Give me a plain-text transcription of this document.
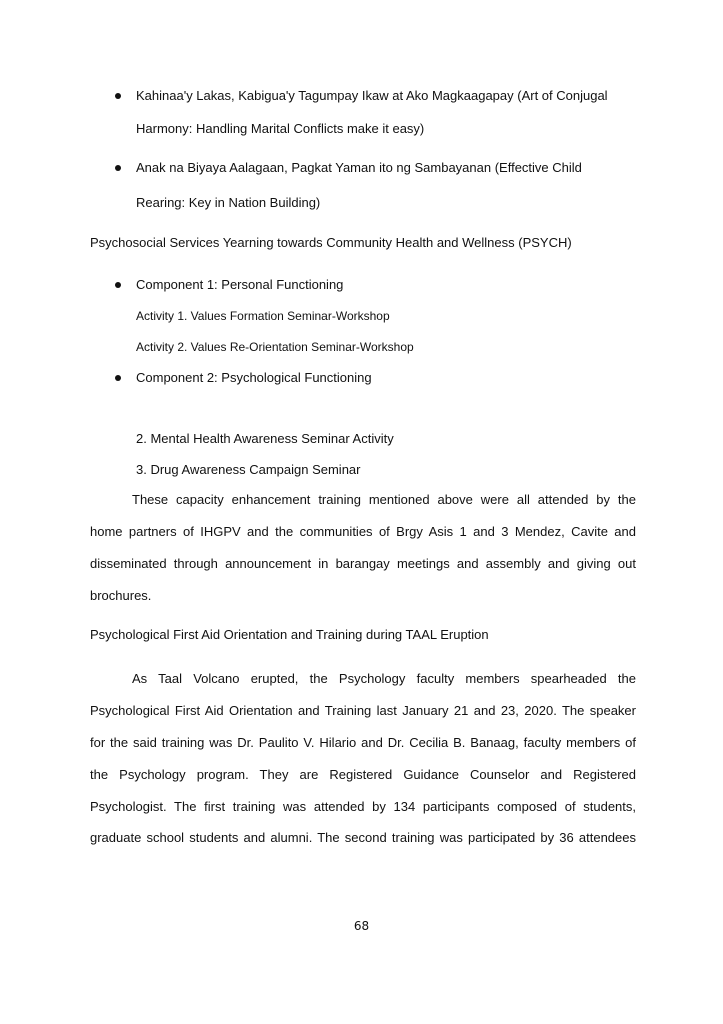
Kahinaa'y Lakas, Kabigua'y Tagumpay Ikaw at Ako Magkaagapay (Art of Conjugal
Harmony: Handling Marital Conflicts make it easy)
Anak na Biyaya Aalagaan, Pagkat Yaman ito ng Sambayanan (Effective Child
Rearing: Key in Nation Building)
Psychosocial Services Yearning towards Community Health and Wellness (PSYCH)
Component 1: Personal Functioning
Activity 1. Values Formation Seminar-Workshop
Activity 2. Values Re-Orientation Seminar-Workshop
Component 2: Psychological Functioning
2. Mental Health Awareness Seminar Activity
3. Drug Awareness Campaign Seminar
These capacity enhancement training mentioned above were all attended by the
home partners of IHGPV and the communities of Brgy Asis 1 and 3 Mendez, Cavite and
disseminated through announcement in barangay meetings and assembly and giving out
brochures.
Psychological First Aid Orientation and Training during TAAL Eruption
As Taal Volcano erupted, the Psychology faculty members spearheaded the
Psychological First Aid Orientation and Training last January 21 and 23, 2020. The speaker
for the said training was Dr. Paulito V. Hilario and Dr. Cecilia B. Banaag, faculty members of
the Psychology program. They are Registered Guidance Counselor and Registered
Psychologist. The first training was attended by 134 participants composed of students,
graduate school students and alumni. The second training was participated by 36 attendees
68
